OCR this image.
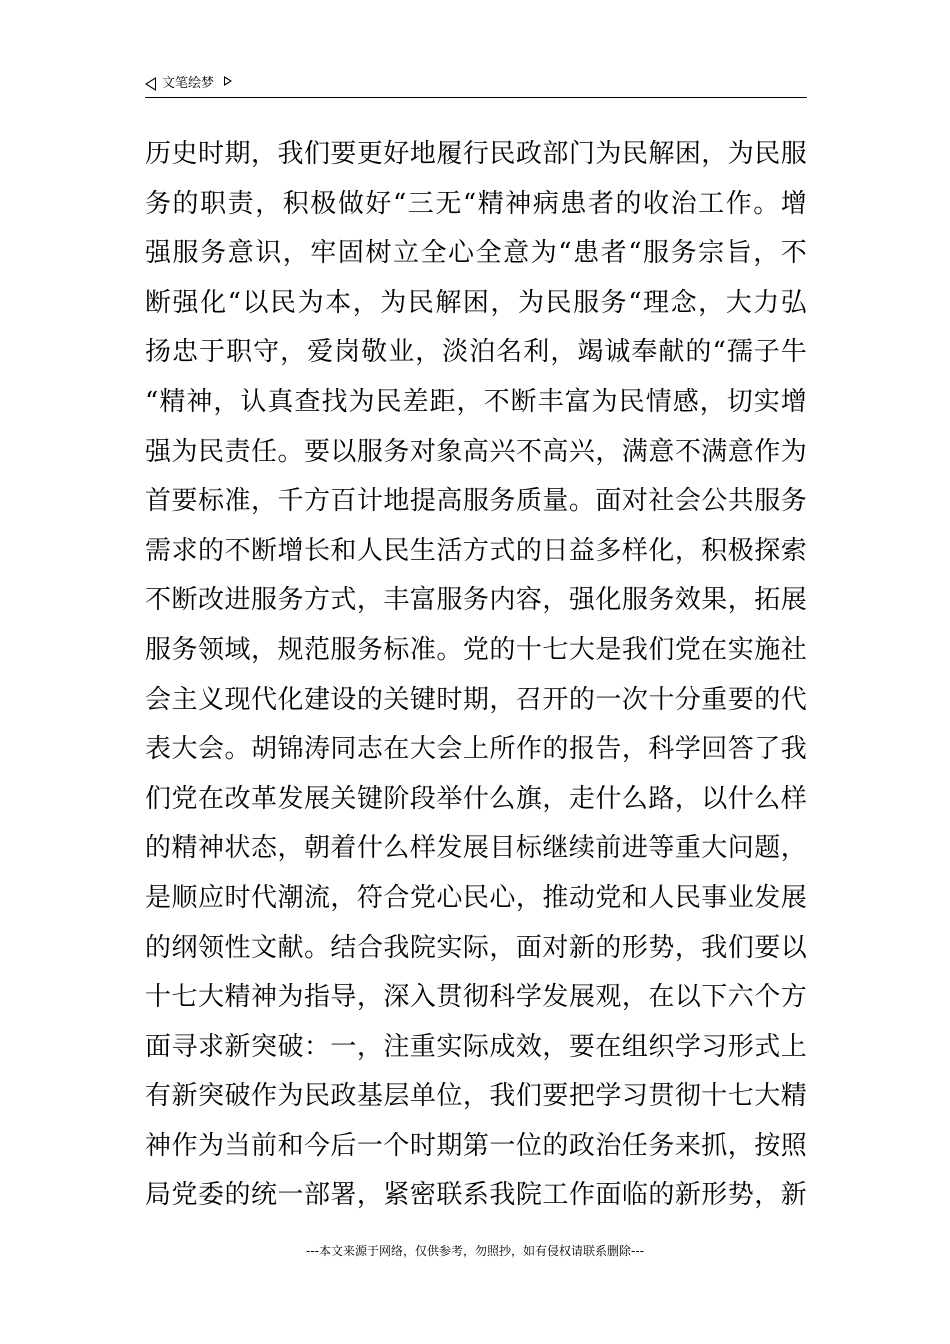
文笔绘梦
历史时期，我们要更好地履行民政部门为民解困，为民服
务的职责，积极做好“三无“精神病患者的收治工作。增
强服务意识，牢固树立全心全意为“患者“服务宗旨，不
断强化“以民为本，为民解困，为民服务“理念，大力弘
扬忠于职守，爱岗敬业，淡泊名利，竭诚奉献的“孺子牛
“精神，认真查找为民差距，不断丰富为民情感，切实增
强为民责任。要以服务对象高兴不高兴，满意不满意作为
首要标准，千方百计地提高服务质量。面对社会公共服务
需求的不断增长和人民生活方式的日益多样化，积极探索
不断改进服务方式，丰富服务内容，强化服务效果，拓展
服务领域，规范服务标准。党的十七大是我们党在实施社
会主义现代化建设的关键时期，召开的一次十分重要的代
表大会。胡锦涛同志在大会上所作的报告，科学回答了我
们党在改革发展关键阶段举什么旗，走什么路，以什么样
的精神状态，朝着什么样发展目标继续前进等重大问题，
是顺应时代潮流，符合党心民心，推动党和人民事业发展
的纲领性文献。结合我院实际，面对新的形势，我们要以
十七大精神为指导，深入贯彻科学发展观，在以下六个方
面寻求新突破：一，注重实际成效，要在组织学习形式上
有新突破作为民政基层单位，我们要把学习贯彻十七大精
神作为当前和今后一个时期第一位的政治任务来抓，按照
局党委的统一部署，紧密联系我院工作面临的新形势，新
---本文来源于网络，仅供参考，勿照抄，如有侵权请联系删除---
